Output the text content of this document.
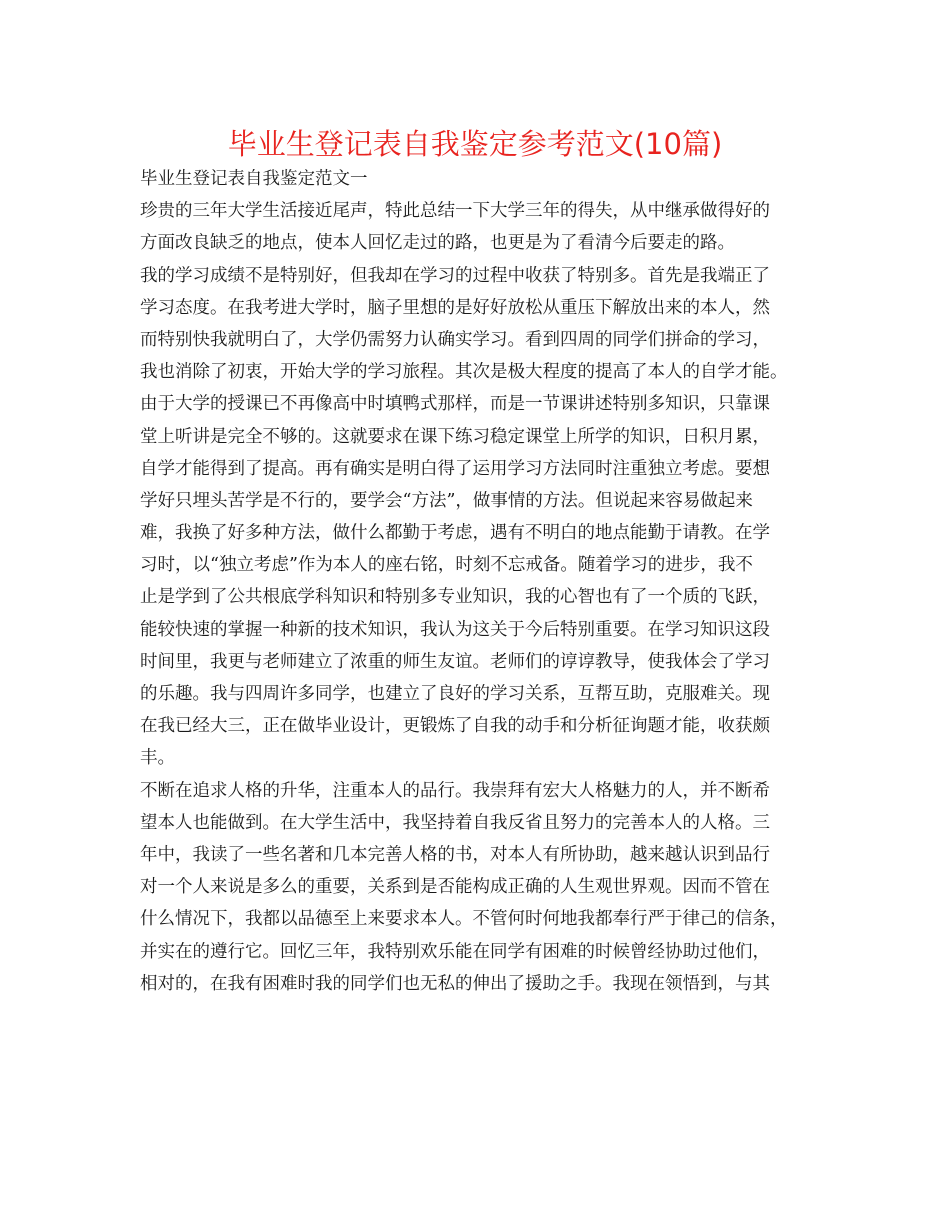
毕业生登记表自我鉴定参考范文(10篇)
毕业生登记表自我鉴定范文一
珍贵的三年大学生活接近尾声，特此总结一下大学三年的得失，从中继承做得好的
方面改良缺乏的地点，使本人回忆走过的路，也更是为了看清今后要走的路。
我的学习成绩不是特别好，但我却在学习的过程中收获了特别多。首先是我端正了
学习态度。在我考进大学时，脑子里想的是好好放松从重压下解放出来的本人，然
而特别快我就明白了，大学仍需努力认确实学习。看到四周的同学们拼命的学习，
我也消除了初衷，开始大学的学习旅程。其次是极大程度的提高了本人的自学才能。
由于大学的授课已不再像高中时填鸭式那样，而是一节课讲述特别多知识，只靠课
堂上听讲是完全不够的。这就要求在课下练习稳定课堂上所学的知识，日积月累，
自学才能得到了提高。再有确实是明白得了运用学习方法同时注重独立考虑。要想
学好只埋头苦学是不行的，要学会“方法”，做事情的方法。但说起来容易做起来
难，我换了好多种方法，做什么都勤于考虑，遇有不明白的地点能勤于请教。在学
习时，以“独立考虑”作为本人的座右铭，时刻不忘戒备。随着学习的进步，我不
止是学到了公共根底学科知识和特别多专业知识，我的心智也有了一个质的飞跃，
能较快速的掌握一种新的技术知识，我认为这关于今后特别重要。在学习知识这段
时间里，我更与老师建立了浓重的师生友谊。老师们的谆谆教导，使我体会了学习
的乐趣。我与四周许多同学，也建立了良好的学习关系，互帮互助，克服难关。现
在我已经大三，正在做毕业设计，更锻炼了自我的动手和分析征询题才能，收获颇
丰。
不断在追求人格的升华，注重本人的品行。我崇拜有宏大人格魅力的人，并不断希
望本人也能做到。在大学生活中，我坚持着自我反省且努力的完善本人的人格。三
年中，我读了一些名著和几本完善人格的书，对本人有所协助，越来越认识到品行
对一个人来说是多么的重要，关系到是否能构成正确的人生观世界观。因而不管在
什么情况下，我都以品德至上来要求本人。不管何时何地我都奉行严于律己的信条，
并实在的遵行它。回忆三年，我特别欢乐能在同学有困难的时候曾经协助过他们，
相对的，在我有困难时我的同学们也无私的伸出了援助之手。我现在领悟到，与其
